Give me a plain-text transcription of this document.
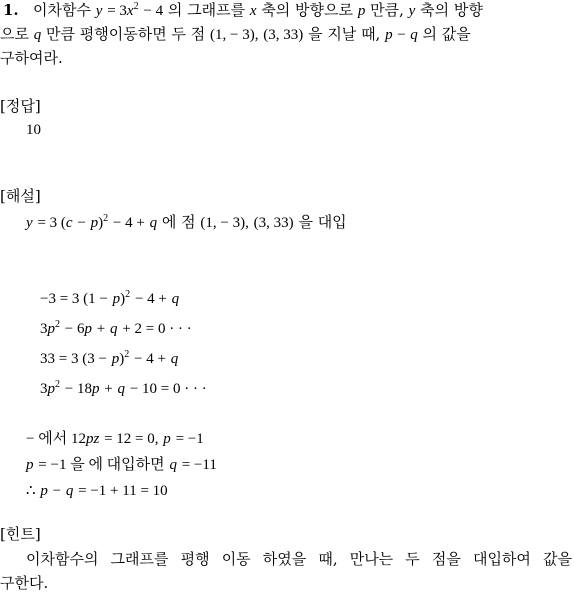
1. 이차함수 $y = 3x^2 - 4$ 의 그래프를 x 축의 방향으로 p 만큼, y 축의 방향
으로 q 만큼 평행이동하면 두 점 (1, − 3), (3, 33) 을 지날 때, p − q 의 값을
구하여라.
[정답]
10
[해설]
y = 3 $(c - p)^2 - 4 + q$ 에 점 (1, − 3), (3, 33) 을 대입
−3 = 3 $(1 - p)^2 - 4 + q$
$3p^2 - 6p + q + 2 = 0$ · · ·
33 = 3 $(3 - p)^2 - 4 + q$
$3p^2 - 18p + q - 10 = 0$ · · ·
− 에서 12pz = 12 = 0, p = −1
p = −1 을 에 대입하면 q = −11
∴ p − q = −1 + 11 = 10
[힌트]
이차함수의 그래프를 평행 이동 하였을 때, 만나는 두 점을 대입하여 값을
구한다.
